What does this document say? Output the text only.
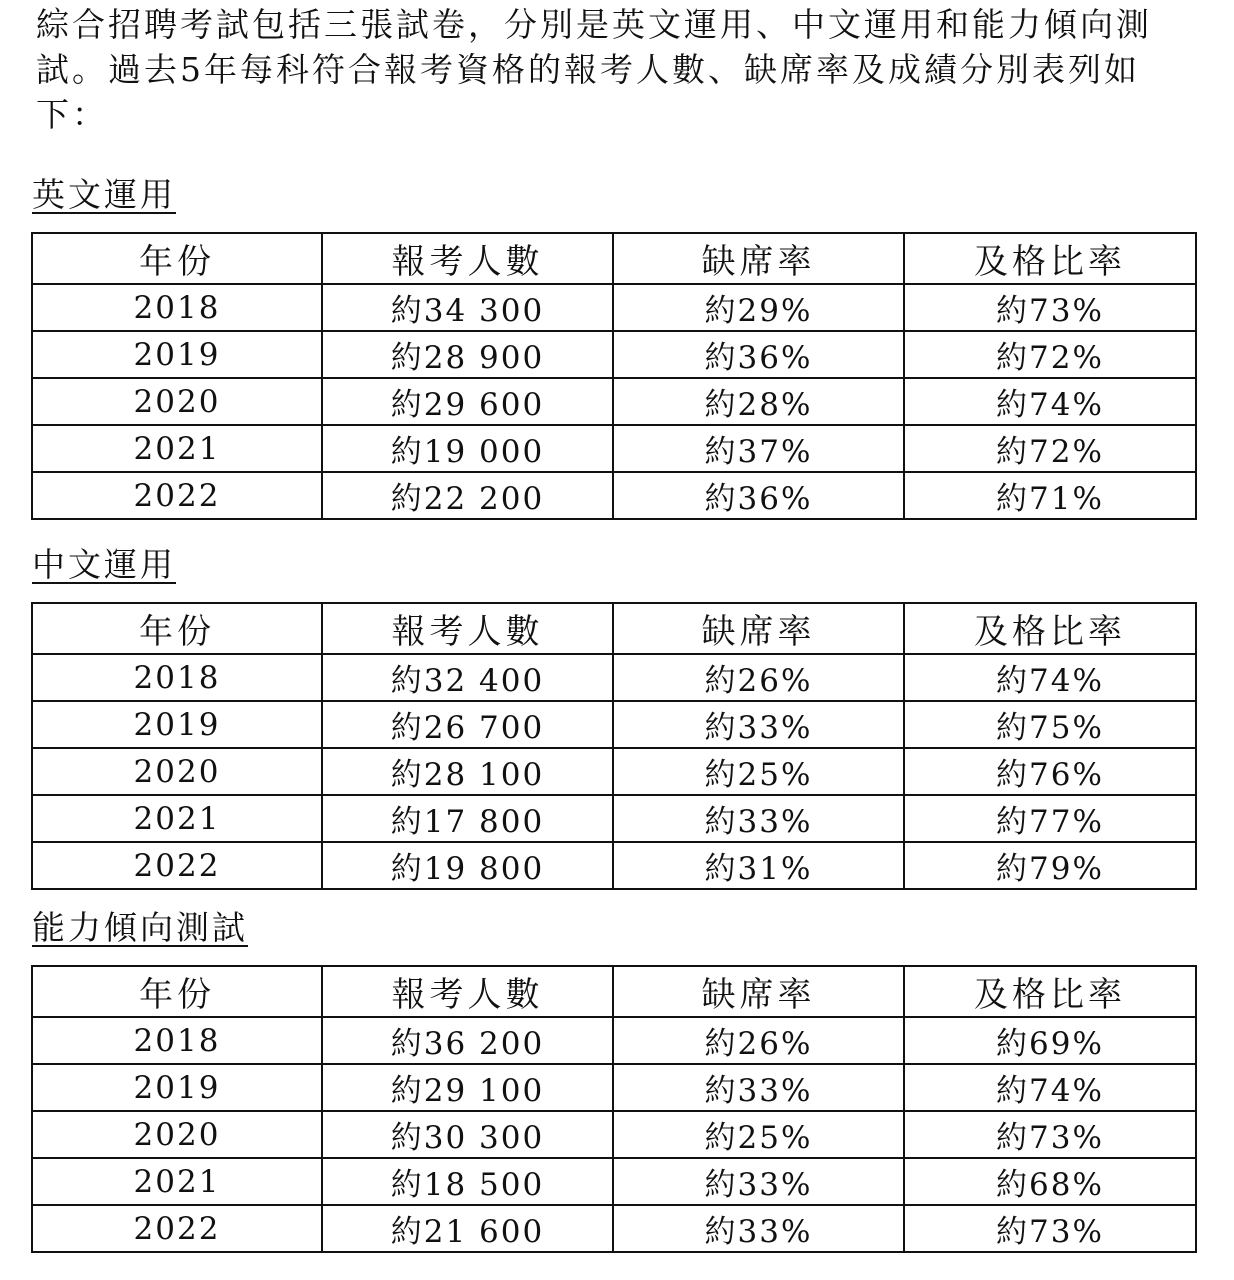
綜合招聘考試包括三張試卷，分別是英文運用、中文運用和能力傾向測試。過去5年每科符合報考資格的報考人數、缺席率及成績分別表列如下：

英文運用
年份	報考人數	缺席率	及格比率
2018	約34 300	約29%	約73%
2019	約28 900	約36%	約72%
2020	約29 600	約28%	約74%
2021	約19 000	約37%	約72%
2022	約22 200	約36%	約71%
中文運用
年份	報考人數	缺席率	及格比率
2018	約32 400	約26%	約74%
2019	約26 700	約33%	約75%
2020	約28 100	約25%	約76%
2021	約17 800	約33%	約77%
2022	約19 800	約31%	約79%
能力傾向測試
年份	報考人數	缺席率	及格比率
2018	約36 200	約26%	約69%
2019	約29 100	約33%	約74%
2020	約30 300	約25%	約73%
2021	約18 500	約33%	約68%
2022	約21 600	約33%	約73%
